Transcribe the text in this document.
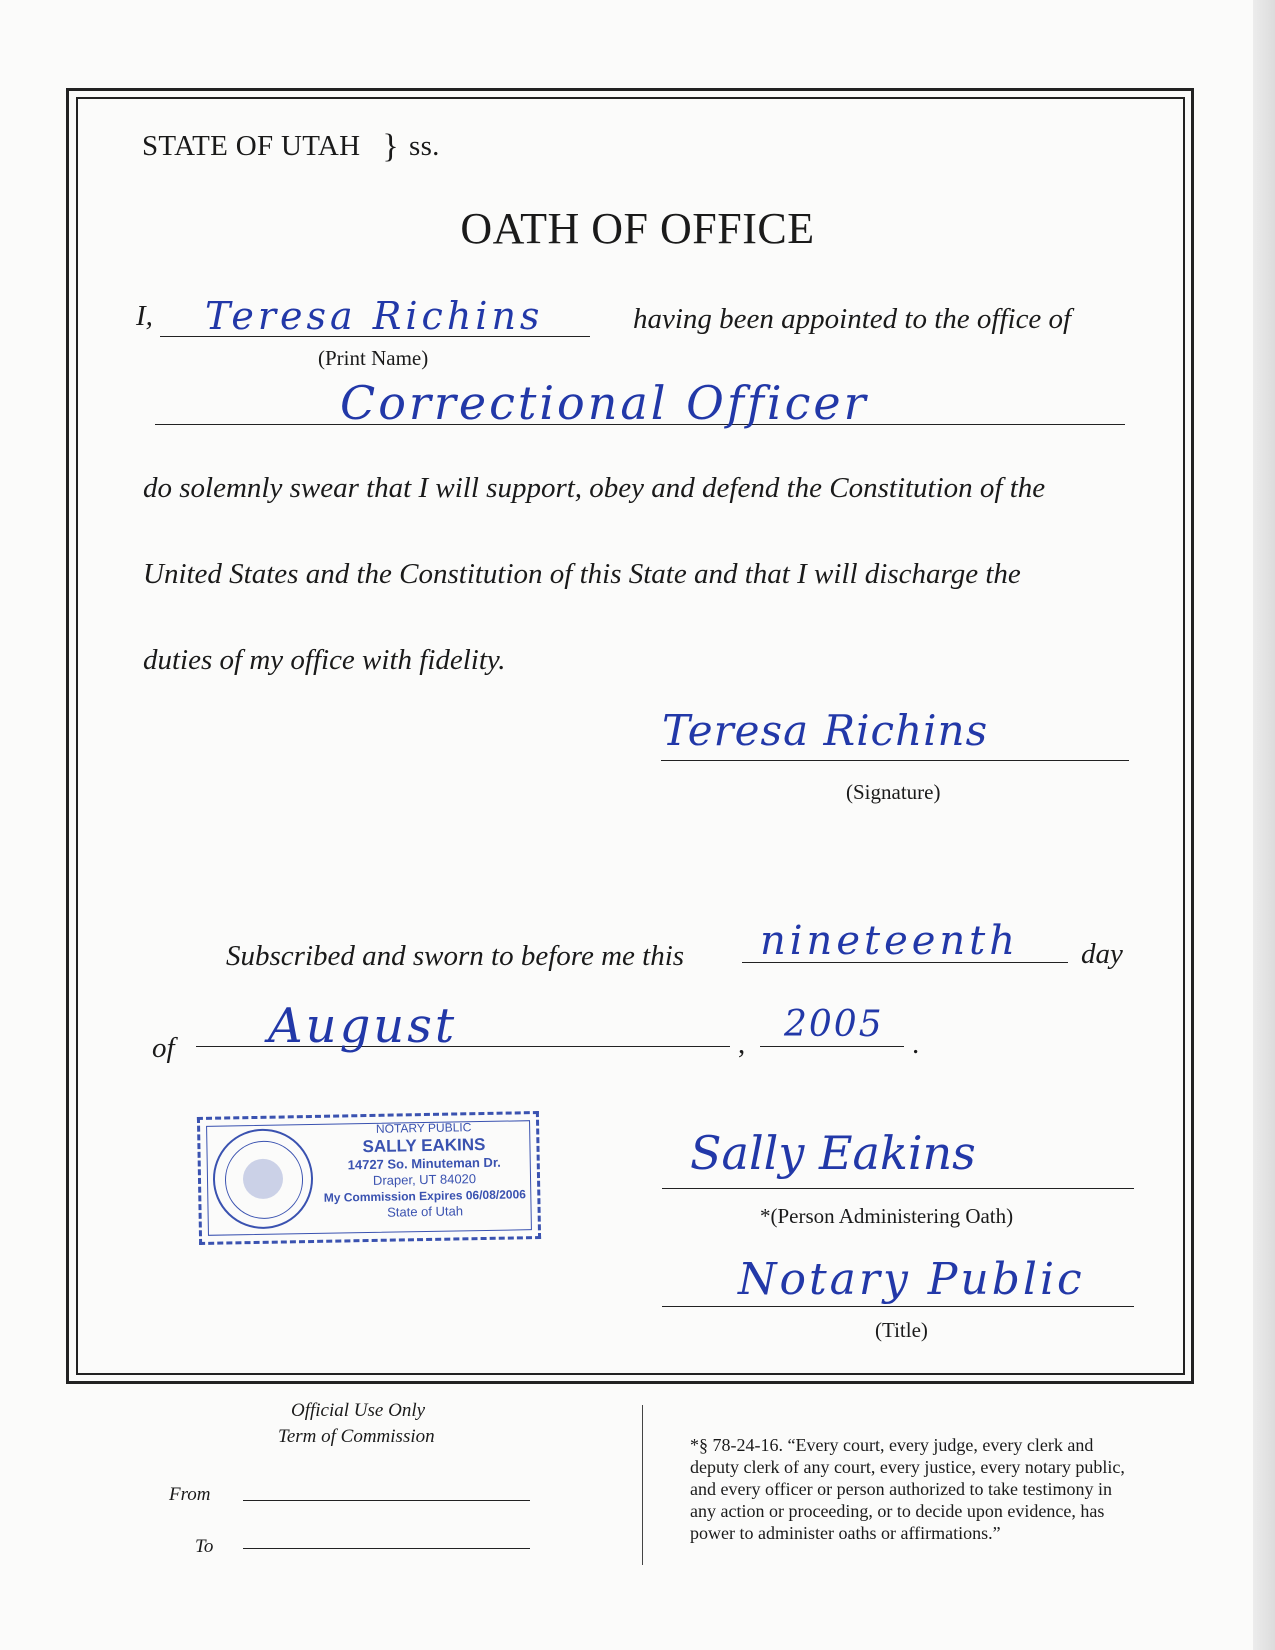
STATE OF UTAH } ss.
OATH OF OFFICE
I, Teresa Richins
(Print Name)
having been appointed to the office of
Correctional Officer
do solemnly swear that I will support, obey and defend the Constitution of the
United States and the Constitution of this State and that I will discharge the
duties of my office with fidelity.
Teresa Richins
(Signature)
Subscribed and sworn to before me this nineteenth day
of August	, 2005 .
NOTARY PUBLIC
SALLY EAKINS
14727 So. Minuteman Dr.
Draper, UT 84020
My Commission Expires 06/08/2006
State of Utah
Sally Eakins
*(Person Administering Oath)
Notary Public
(Title)
Official Use Only
Term of Commission
From
To
*§ 78-24-16. “Every court, every judge, every clerk and
deputy clerk of any court, every justice, every notary public,
and every officer or person authorized to take testimony in
any action or proceeding, or to decide upon evidence, has
power to administer oaths or affirmations.”
